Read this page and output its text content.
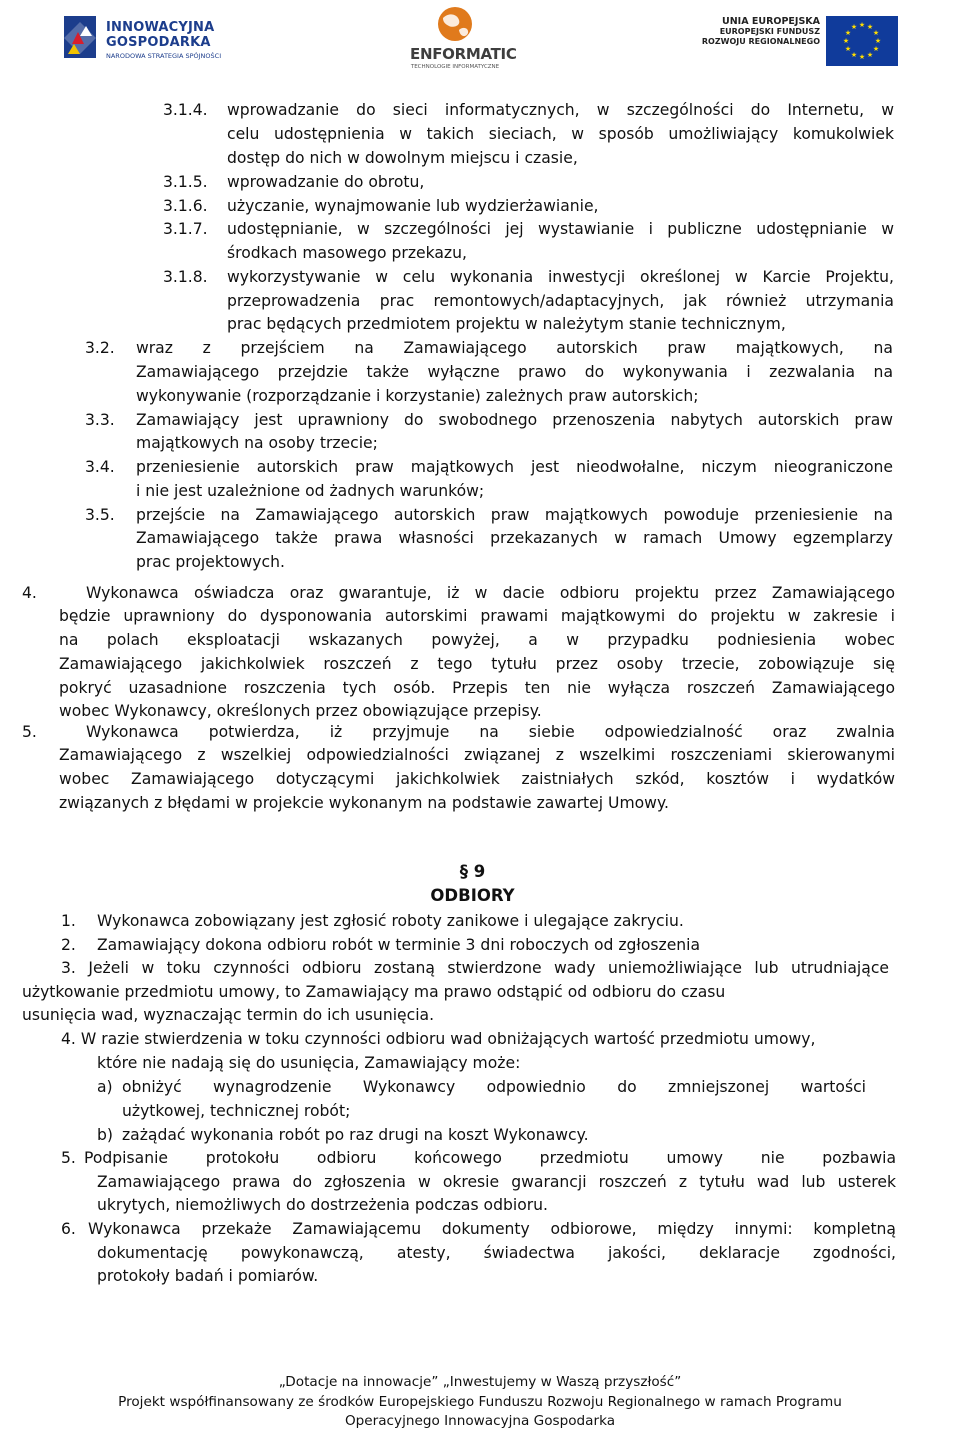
INNOWACYJNA
GOSPODARKA
NARODOWA STRATEGIA SPÓJNOŚCI	ENFORMATIC
TECHNOLOGIE INFORMATYCZNE
UNIA EUROPEJSKA
EUROPEJSKI FUNDUSZ
ROZWOJU REGIONALNEGO
★ ★
★
★
★
★
★
★
★
★
★
★
3.1.4. wprowadzanie do sieci informatycznych, w szczególności do Internetu, w
celu udostępnienia w takich sieciach, w sposób umożliwiający komukolwiek
dostęp do nich w dowolnym miejscu i czasie,
3.1.5. wprowadzanie do obrotu,
3.1.6. użyczanie, wynajmowanie lub wydzierżawianie,
3.1.7. udostępnianie, w szczególności jej wystawianie i publiczne udostępnianie w
środkach masowego przekazu,
3.1.8. wykorzystywanie w celu wykonania inwestycji określonej w Karcie Projektu,
przeprowadzenia prac remontowych/adaptacyjnych, jak również utrzymania
prac będących przedmiotem projektu w należytym stanie technicznym,
3.2. wraz z przejściem na Zamawiającego autorskich praw majątkowych, na
Zamawiającego przejdzie także wyłączne prawo do wykonywania i zezwalania na
wykonywanie (rozporządzanie i korzystanie) zależnych praw autorskich;
3.3. Zamawiający jest uprawniony do swobodnego przenoszenia nabytych autorskich praw
majątkowych na osoby trzecie;
3.4. przeniesienie autorskich praw majątkowych jest nieodwołalne, niczym nieograniczone
i nie jest uzależnione od żadnych warunków;
3.5. przejście na Zamawiającego autorskich praw majątkowych powoduje przeniesienie na
Zamawiającego także prawa własności przekazanych w ramach Umowy egzemplarzy
prac projektowych.
4.	Wykonawca oświadcza oraz gwarantuje, iż w dacie odbioru projektu przez Zamawiającego
będzie uprawniony do dysponowania autorskimi prawami majątkowymi do projektu w zakresie i
na polach eksploatacji wskazanych powyżej, a w przypadku podniesienia wobec
Zamawiającego jakichkolwiek roszczeń z tego tytułu przez osoby trzecie, zobowiązuje się
pokryć uzasadnione roszczenia tych osób. Przepis ten nie wyłącza roszczeń Zamawiającego
wobec Wykonawcy, określonych przez obowiązujące przepisy.
5.	Wykonawca potwierdza, iż przyjmuje na siebie odpowiedzialność oraz zwalnia
Zamawiającego z wszelkiej odpowiedzialności związanej z wszelkimi roszczeniami skierowanymi
wobec Zamawiającego dotyczącymi jakichkolwiek zaistniałych szkód, kosztów i wydatków
związanych z błędami w projekcie wykonanym na podstawie zawartej Umowy.
§ 9
ODBIORY
1. Wykonawca zobowiązany jest zgłosić roboty zanikowe i ulegające zakryciu.
2. Zamawiający dokona odbioru robót w terminie 3 dni roboczych od zgłoszenia
3. Jeżeli w toku czynności odbioru zostaną stwierdzone wady uniemożliwiające lub utrudniające
użytkowanie przedmiotu umowy, to Zamawiający ma prawo odstąpić od odbioru do czasu
usunięcia wad, wyznaczając termin do ich usunięcia.
4. W razie stwierdzenia w toku czynności odbioru wad obniżających wartość przedmiotu umowy,
które nie nadają się do usunięcia, Zamawiający może:
a) obniżyć wynagrodzenie Wykonawcy odpowiednio do zmniejszonej wartości
użytkowej, technicznej robót;
b) zażądać wykonania robót po raz drugi na koszt Wykonawcy.
5. Podpisanie protokołu odbioru końcowego przedmiotu umowy nie pozbawia
Zamawiającego prawa do zgłoszenia w okresie gwarancji roszczeń z tytułu wad lub usterek
ukrytych, niemożliwych do dostrzeżenia podczas odbioru.
6. Wykonawca przekaże Zamawiającemu dokumenty odbiorowe, między innymi: kompletną
dokumentację powykonawczą, atesty, świadectwa jakości, deklaracje zgodności,
protokoły badań i pomiarów.
„Dotacje na innowacje” „Inwestujemy w Waszą przyszłość”
Projekt współfinansowany ze środków Europejskiego Funduszu Rozwoju Regionalnego w ramach Programu
Operacyjnego Innowacyjna Gospodarka
